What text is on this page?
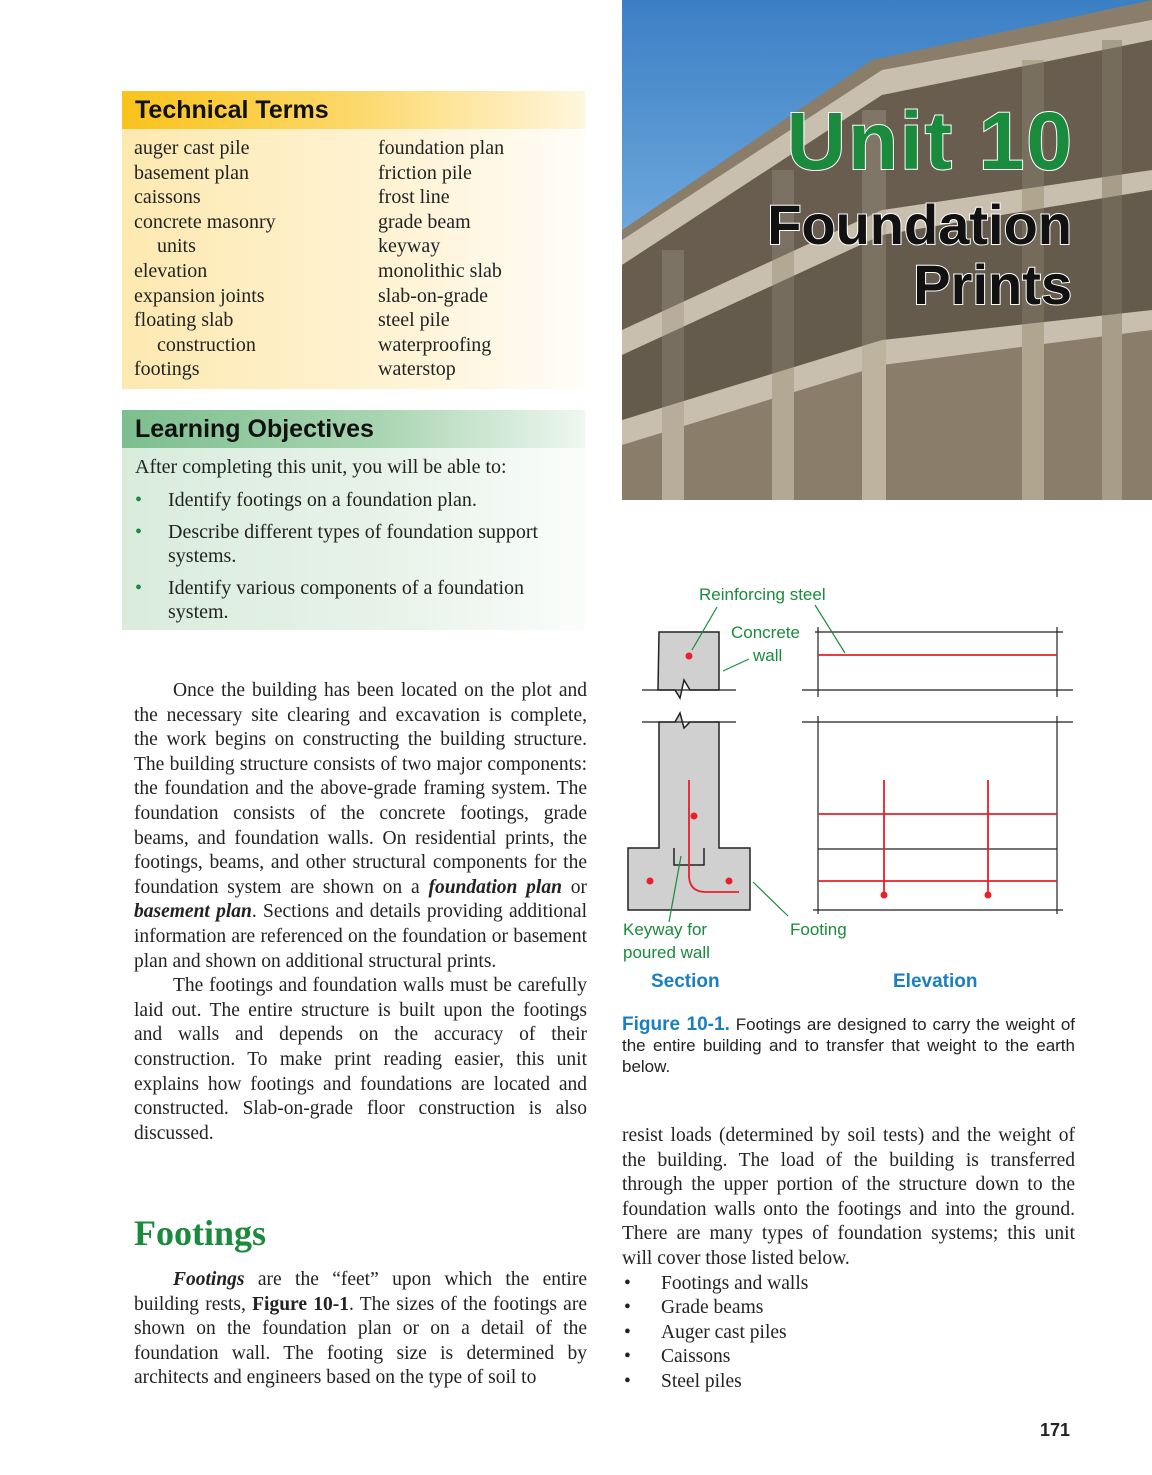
Unit 10
Foundation
Prints
Technical Terms
auger cast pile
basement plan
caissons
concrete masonry
units
elevation
expansion joints
floating slab
construction
footings
foundation plan
friction pile
frost line
grade beam
keyway
monolithic slab
slab-on-grade
steel pile
waterproofing
waterstop
Learning Objectives
After completing this unit, you will be able to:
• Identify footings on a foundation plan.
• Describe different types of foundation support systems.
• Identify various components of a foundation system.

Once the building has been located on the plot and the necessary site clearing and excavation is complete, the work begins on constructing the building structure. The building structure consists of two major components: the foundation and the above-grade framing system. The foundation consists of the concrete footings, grade beams, and foundation walls. On residential prints, the footings, beams, and other structural components for the foundation system are shown on a foundation plan or basement plan. Sections and details providing additional information are referenced on the foundation or basement plan and shown on additional structural prints.

The footings and foundation walls must be carefully laid out. The entire structure is built upon the footings and walls and depends on the accuracy of their construction. To make print reading easier, this unit explains how footings and foundations are located and constructed. Slab-on-grade floor construction is also discussed.

Footings

Footings are the “feet” upon which the entire building rests, Figure 10-1. The sizes of the footings are shown on the foundation plan or on a detail of the foundation wall. The footing size is determined by architects and engineers based on the type of soil to

resist loads (determined by soil tests) and the weight of the building. The load of the building is transferred through the upper portion of the structure down to the foundation walls onto the footings and into the ground. There are many types of foundation systems; this unit will cover those listed below.

• Footings and walls
• Grade beams
• Auger cast piles
• Caissons
• Steel piles
Reinforcing steel
Concrete
wall
Keyway for
poured wall
Footing
Section	Elevation
Figure 10-1. Footings are designed to carry the weight of the entire building and to transfer that weight to the earth below.
171
